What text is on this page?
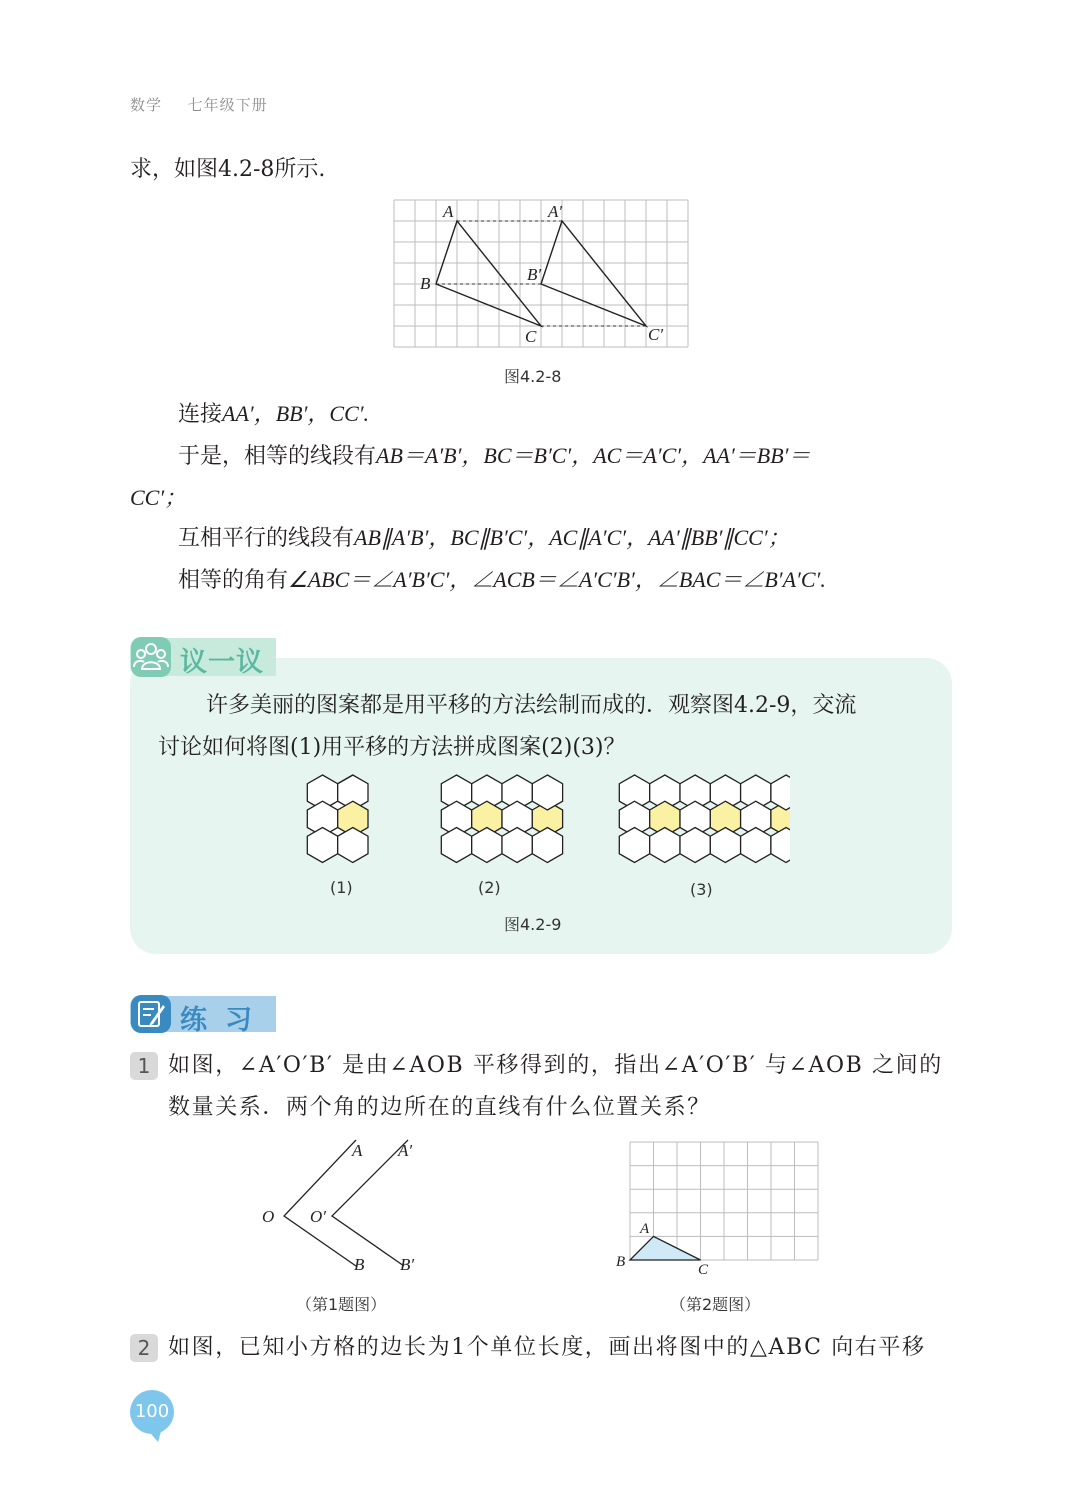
数学 七年级下册
求，如图4.2-8所示.
A
B
C
A′
B′
C′
图4.2-8
连接AA′，BB′，CC′.
于是，相等的线段有AB＝A′B′，BC＝B′C′，AC＝A′C′，AA′＝BB′＝
CC′；
互相平行的线段有AB∥A′B′，BC∥B′C′，AC∥A′C′，AA′∥BB′∥CC′；
相等的角有∠ABC＝∠A′B′C′，∠ACB＝∠A′C′B′，∠BAC＝∠B′A′C′.
议一议
许多美丽的图案都是用平移的方法绘制而成的．观察图4.2-9，交流
讨论如何将图(1)用平移的方法拼成图案(2)(3)？
(1)	(2)	(3)
图4.2-9
练习
1 如图，∠A′O′B′ 是由∠AOB 平移得到的，指出∠A′O′B′ 与∠AOB 之间的
数量关系．两个角的边所在的直线有什么位置关系？
O O′
A A′
B B′
（第1题图）
A
B	C
（第2题图）
2 如图，已知小方格的边长为1个单位长度，画出将图中的△ABC 向右平移
100
